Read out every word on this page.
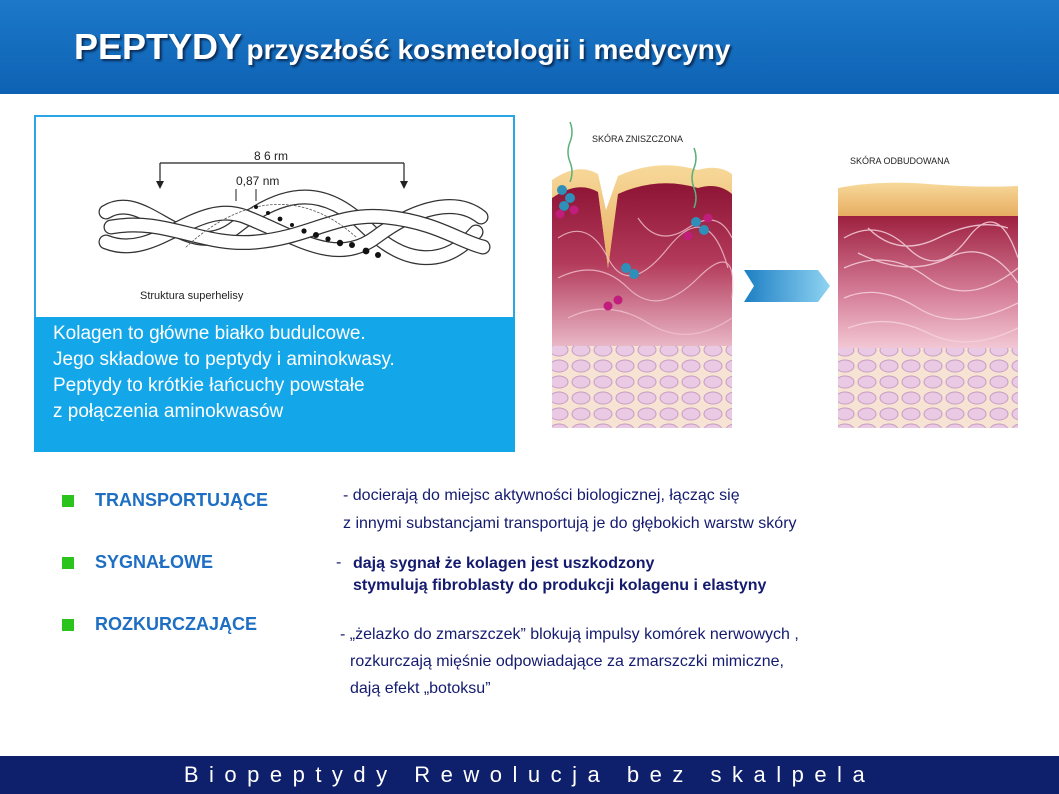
PEPTYDY przyszłość kosmetologii i medycyny
8 6 rm
0,87 nm
Struktura superhelisy
Kolagen to główne białko budulcowe.
Jego składowe to peptydy i aminokwasy.
Peptydy to krótkie łańcuchy powstałe
z połączenia aminokwasów
SKÓRA ZNISZCZONA
SKÓRA ODBUDOWANA
TRANSPORTUJĄCE	- docierają do miejsc aktywności biologicznej, łącząc się
z innymi substancjami transportują je do głębokich warstw skóry
SYGNAŁOWE	- dają sygnał że kolagen jest uszkodzony
stymulują fibroblasty do produkcji kolagenu i elastyny
ROZKURCZAJĄCE
- „żelazko do zmarszczek” blokują impulsy komórek nerwowych ,
rozkurczają mięśnie odpowiadające za zmarszczki mimiczne,
dają efekt „botoksu”
Biopeptydy Rewolucja bez skalpela
